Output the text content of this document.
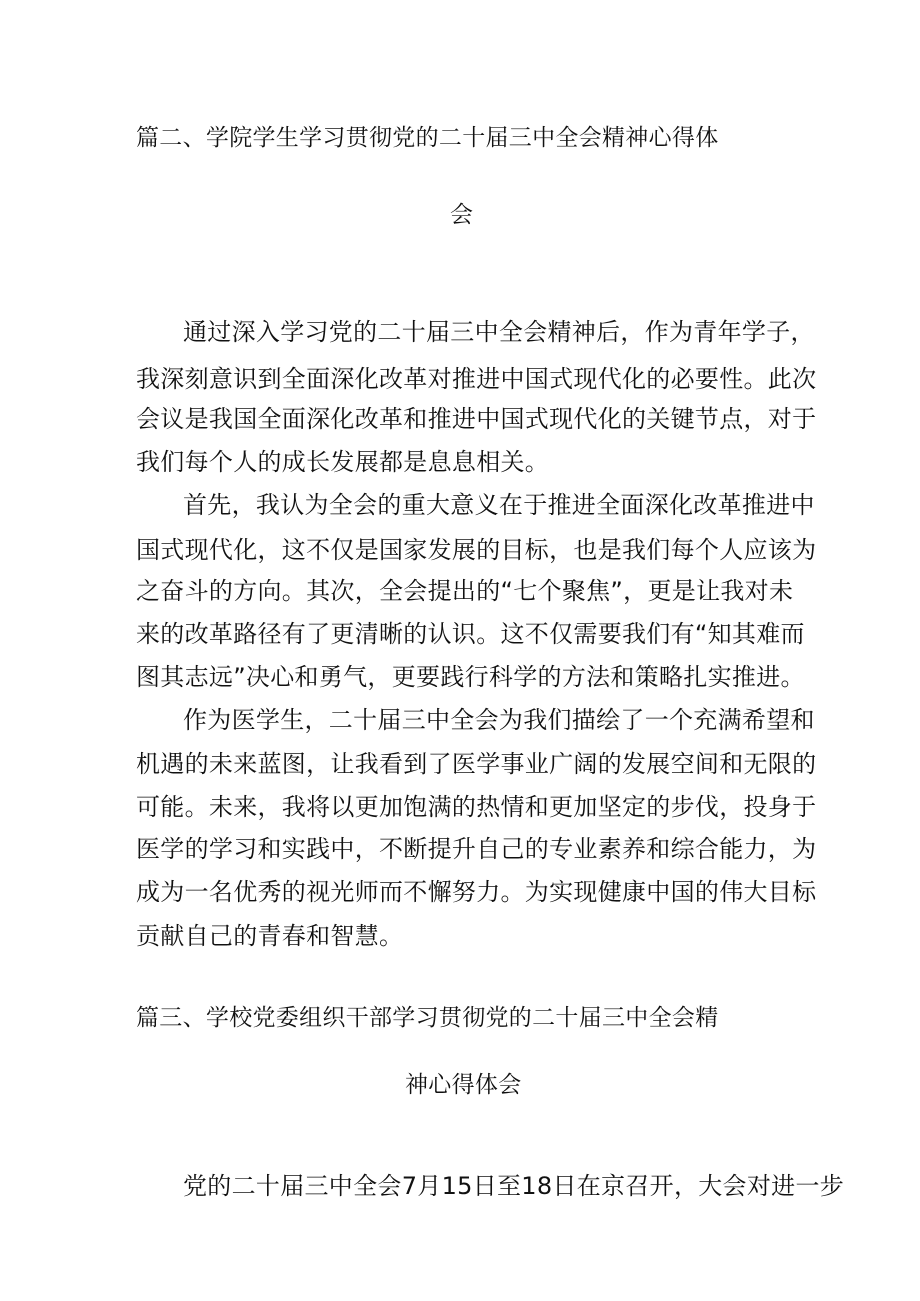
篇二、学院学生学习贯彻党的二十届三中全会精神心得体
会
通过深入学习党的二十届三中全会精神后，作为青年学子，
我深刻意识到全面深化改革对推进中国式现代化的必要性。此次
会议是我国全面深化改革和推进中国式现代化的关键节点，对于
我们每个人的成长发展都是息息相关。
首先，我认为全会的重大意义在于推进全面深化改革推进中
国式现代化，这不仅是国家发展的目标，也是我们每个人应该为
之奋斗的方向。其次，全会提出的“七个聚焦”，更是让我对未
来的改革路径有了更清晰的认识。这不仅需要我们有“知其难而
图其志远”决心和勇气，更要践行科学的方法和策略扎实推进。
作为医学生，二十届三中全会为我们描绘了一个充满希望和
机遇的未来蓝图，让我看到了医学事业广阔的发展空间和无限的
可能。未来，我将以更加饱满的热情和更加坚定的步伐，投身于
医学的学习和实践中，不断提升自己的专业素养和综合能力，为
成为一名优秀的视光师而不懈努力。为实现健康中国的伟大目标
贡献自己的青春和智慧。
篇三、学校党委组织干部学习贯彻党的二十届三中全会精
神心得体会
党的二十届三中全会7月15日至18日在京召开，大会对进一步
